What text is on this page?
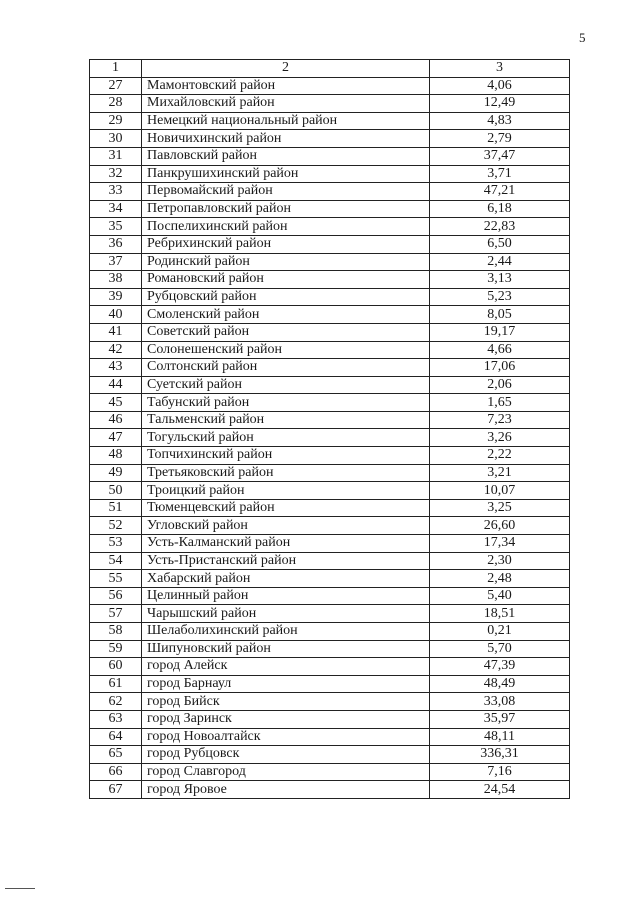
5
1	2	3
27	Мамонтовский район	4,06
28	Михайловский район	12,49
29	Немецкий национальный район	4,83
30	Новичихинский район	2,79
31	Павловский район	37,47
32	Панкрушихинский район	3,71
33	Первомайский район	47,21
34	Петропавловский район	6,18
35	Поспелихинский район	22,83
36	Ребрихинский район	6,50
37	Родинский район	2,44
38	Романовский район	3,13
39	Рубцовский район	5,23
40	Смоленский район	8,05
41	Советский район	19,17
42	Солонешенский район	4,66
43	Солтонский район	17,06
44	Суетский район	2,06
45	Табунский район	1,65
46	Тальменский район	7,23
47	Тогульский район	3,26
48	Топчихинский район	2,22
49	Третьяковский район	3,21
50	Троицкий район	10,07
51	Тюменцевский район	3,25
52	Угловский район	26,60
53	Усть-Калманский район	17,34
54	Усть-Пристанский район	2,30
55	Хабарский район	2,48
56	Целинный район	5,40
57	Чарышский район	18,51
58	Шелаболихинский район	0,21
59	Шипуновский район	5,70
60	город Алейск	47,39
61	город Барнаул	48,49
62	город Бийск	33,08
63	город Заринск	35,97
64	город Новоалтайск	48,11
65	город Рубцовск	336,31
66	город Славгород	7,16
67	город Яровое	24,54
